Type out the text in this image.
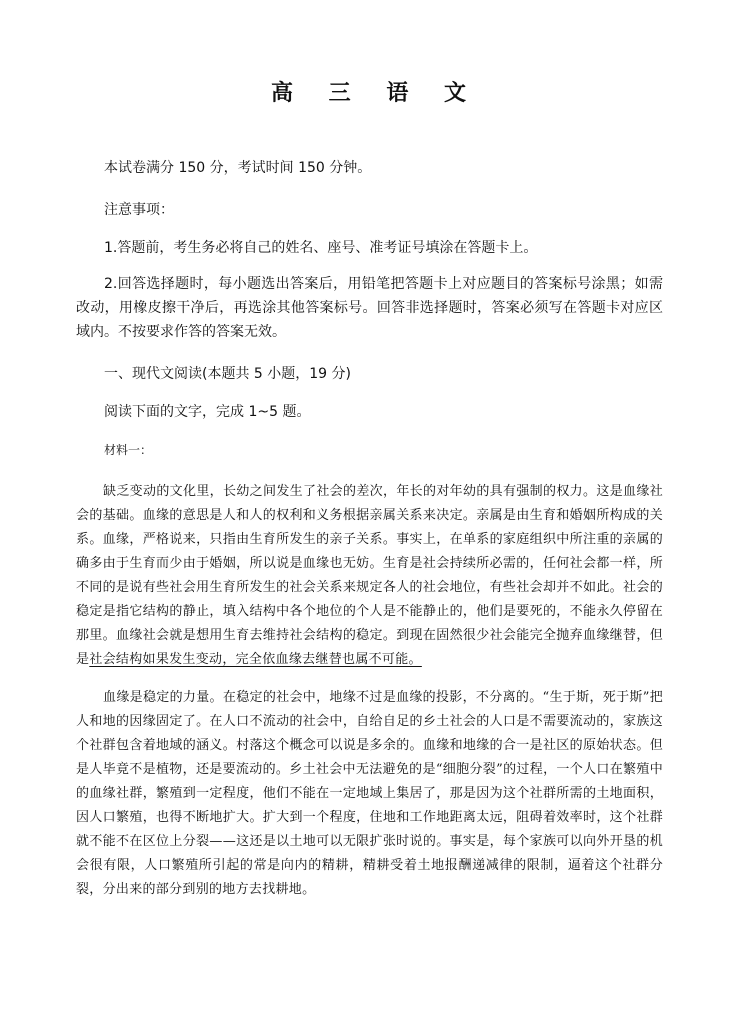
高 三 语 文
本试卷满分 150 分，考试时间 150 分钟。
注意事项：
1.答题前，考生务必将自己的姓名、座号、准考证号填涂在答题卡上。

2.回答选择题时，每小题选出答案后，用铅笔把答题卡上对应题目的答案标号涂黑；如需改动，用橡皮擦干净后，再选涂其他答案标号。回答非选择题时，答案必须写在答题卡对应区域内。不按要求作答的答案无效。

一、现代文阅读(本题共 5 小题，19 分)
阅读下面的文字，完成 1~5 题。
材料一：

缺乏变动的文化里，长幼之间发生了社会的差次，年长的对年幼的具有强制的权力。这是血缘社会的基础。血缘的意思是人和人的权利和义务根据亲属关系来决定。亲属是由生育和婚姻所构成的关系。血缘，严格说来，只指由生育所发生的亲子关系。事实上，在单系的家庭组织中所注重的亲属的确多由于生育而少由于婚姻，所以说是血缘也无妨。生育是社会持续所必需的，任何社会都一样，所不同的是说有些社会用生育所发生的社会关系来规定各人的社会地位，有些社会却并不如此。社会的稳定是指它结构的静止，填入结构中各个地位的个人是不能静止的，他们是要死的，不能永久停留在那里。血缘社会就是想用生育去维持社会结构的稳定。到现在固然很少社会能完全抛弃血缘继替，但是社会结构如果发生变动，完全依血缘去继替也属不可能。

血缘是稳定的力量。在稳定的社会中，地缘不过是血缘的投影，不分离的。“生于斯，死于斯”把人和地的因缘固定了。在人口不流动的社会中，自给自足的乡土社会的人口是不需要流动的，家族这个社群包含着地域的涵义。村落这个概念可以说是多余的。血缘和地缘的合一是社区的原始状态。但是人毕竟不是植物，还是要流动的。乡土社会中无法避免的是“细胞分裂”的过程，一个人口在繁殖中的血缘社群，繁殖到一定程度，他们不能在一定地域上集居了，那是因为这个社群所需的土地面积，因人口繁殖，也得不断地扩大。扩大到一个程度，住地和工作地距离太远，阻碍着效率时，这个社群就不能不在区位上分裂——这还是以土地可以无限扩张时说的。事实是，每个家族可以向外开垦的机会很有限，人口繁殖所引起的常是向内的精耕，精耕受着土地报酬递减律的限制，逼着这个社群分裂，分出来的部分到别的地方去找耕地。
